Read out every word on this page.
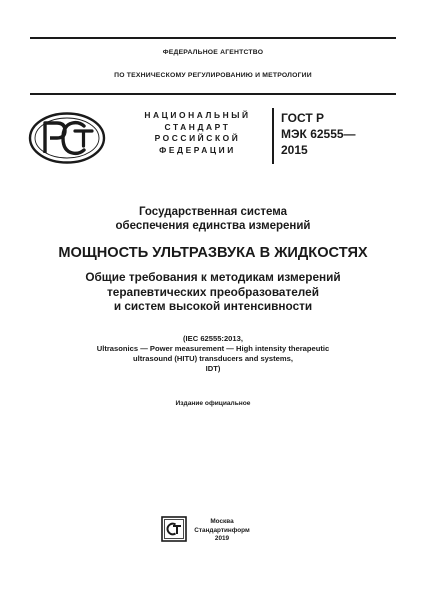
ФЕДЕРАЛЬНОЕ АГЕНТСТВО
ПО ТЕХНИЧЕСКОМУ РЕГУЛИРОВАНИЮ И МЕТРОЛОГИИ
НАЦИОНАЛЬНЫЙ
СТАНДАРТ
РОССИЙСКОЙ
ФЕДЕРАЦИИ
ГОСТ Р
МЭК 62555—
2015
Государственная система
обеспечения единства измерений
МОЩНОСТЬ УЛЬТРАЗВУКА В ЖИДКОСТЯХ
Общие требования к методикам измерений
терапевтических преобразователей
и систем высокой интенсивности
(IEC 62555:2013,
Ultrasonics — Power measurement — High intensity therapeutic
ultrasound (HITU) transducers and systems,
IDT)
Издание официальное
Москва
Стандартинформ
2019
